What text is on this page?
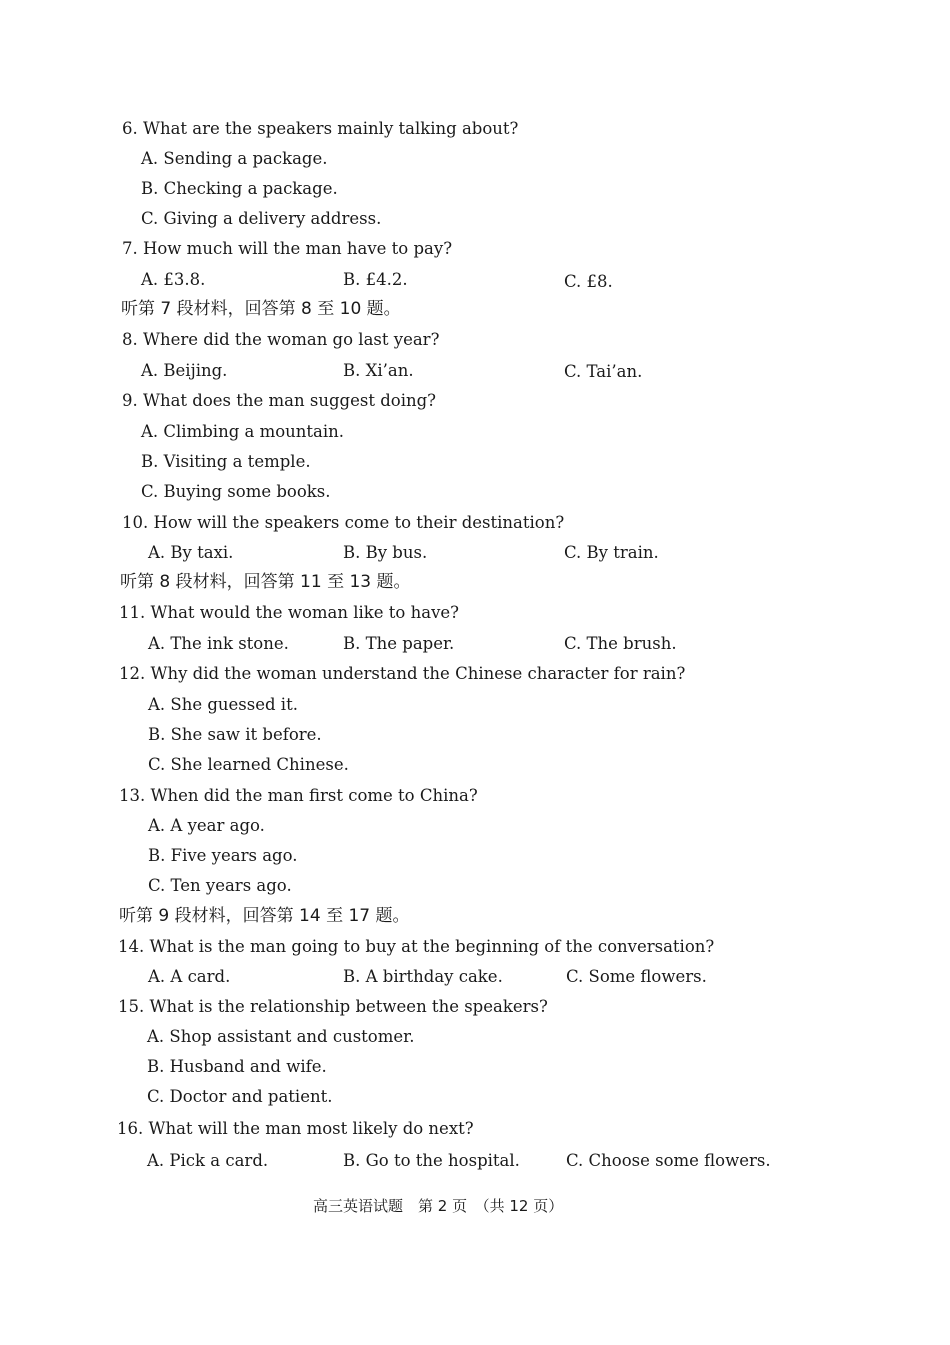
6. What are the speakers mainly talking about?
A. Sending a package.
B. Checking a package.
C. Giving a delivery address.
7. How much will the man have to pay?
A. £3.8.	B. £4.2.	C. £8.
听第 7 段材料，回答第 8 至 10 题。
8. Where did the woman go last year?
A. Beijing.	B. Xi’an.	C. Tai’an.
9. What does the man suggest doing?
A. Climbing a mountain.
B. Visiting a temple.
C. Buying some books.
10. How will the speakers come to their destination?
A. By taxi.	B. By bus.	C. By train.
听第 8 段材料，回答第 11 至 13 题。
11. What would the woman like to have?
A. The ink stone.	B. The paper.	C. The brush.
12. Why did the woman understand the Chinese character for rain?
A. She guessed it.
B. She saw it before.
C. She learned Chinese.
13. When did the man first come to China?
A. A year ago.
B. Five years ago.
C. Ten years ago.
听第 9 段材料，回答第 14 至 17 题。
14. What is the man going to buy at the beginning of the conversation?
A. A card.	B. A birthday cake.	C. Some flowers.
15. What is the relationship between the speakers?
A. Shop assistant and customer.
B. Husband and wife.
C. Doctor and patient.
16. What will the man most likely do next?
A. Pick a card.	B. Go to the hospital.	C. Choose some flowers.
高三英语试题　第 2 页　（共 12 页）
